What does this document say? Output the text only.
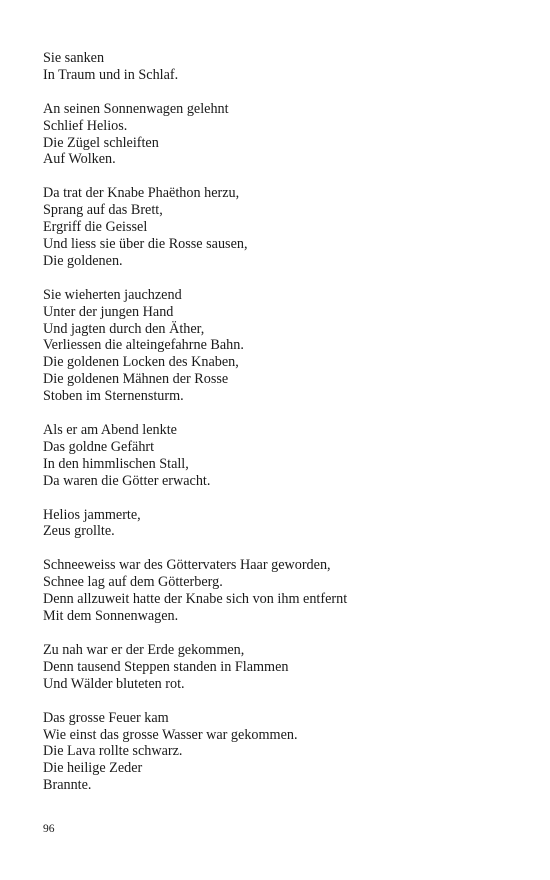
Sie sanken
In Traum und in Schlaf.
An seinen Sonnenwagen gelehnt
Schlief Helios.
Die Zügel schleiften
Auf Wolken.
Da trat der Knabe Phaëthon herzu,
Sprang auf das Brett,
Ergriff die Geissel
Und liess sie über die Rosse sausen,
Die goldenen.
Sie wieherten jauchzend
Unter der jungen Hand
Und jagten durch den Äther,
Verliessen die alteingefahrne Bahn.
Die goldenen Locken des Knaben,
Die goldenen Mähnen der Rosse
Stoben im Sternensturm.
Als er am Abend lenkte
Das goldne Gefährt
In den himmlischen Stall,
Da waren die Götter erwacht.
Helios jammerte,
Zeus grollte.
Schneeweiss war des Göttervaters Haar geworden,
Schnee lag auf dem Götterberg.
Denn allzuweit hatte der Knabe sich von ihm entfernt
Mit dem Sonnenwagen.
Zu nah war er der Erde gekommen,
Denn tausend Steppen standen in Flammen
Und Wälder bluteten rot.
Das grosse Feuer kam
Wie einst das grosse Wasser war gekommen.
Die Lava rollte schwarz.
Die heilige Zeder
Brannte.
96
